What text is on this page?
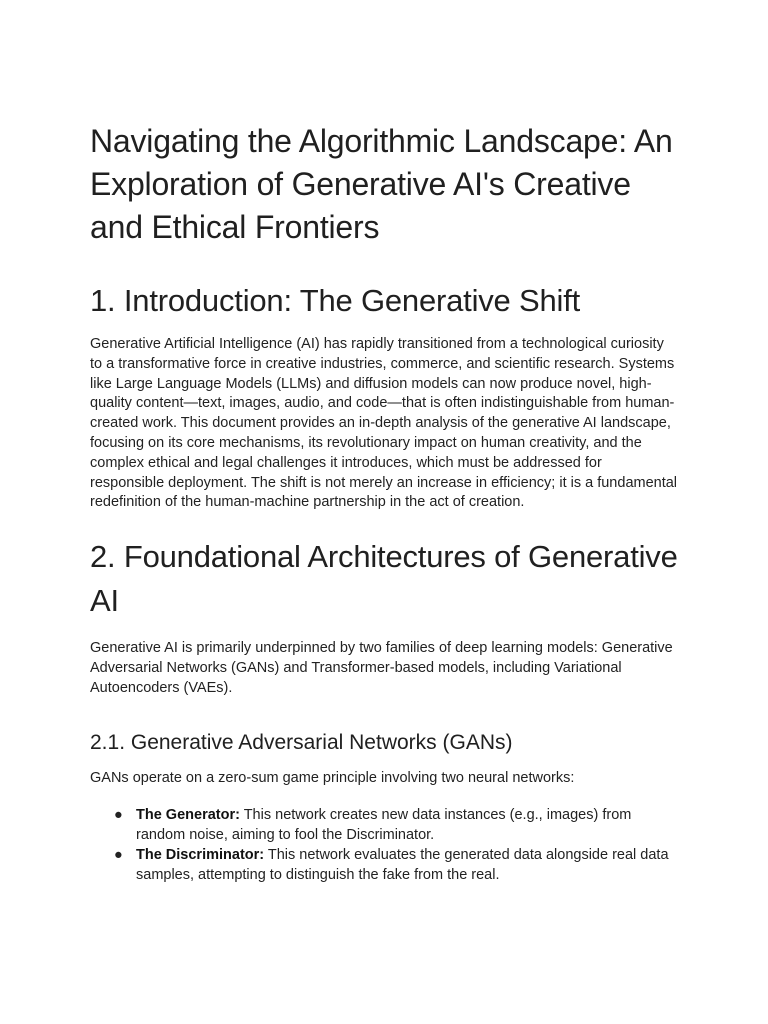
Navigating the Algorithmic Landscape: An Exploration of Generative AI's Creative and Ethical Frontiers
1. Introduction: The Generative Shift

Generative Artificial Intelligence (AI) has rapidly transitioned from a technological curiosity to a transformative force in creative industries, commerce, and scientific research. Systems like Large Language Models (LLMs) and diffusion models can now produce novel, high-quality content—text, images, audio, and code—that is often indistinguishable from human-created work. This document provides an in-depth analysis of the generative AI landscape, focusing on its core mechanisms, its revolutionary impact on human creativity, and the complex ethical and legal challenges it introduces, which must be addressed for responsible deployment. The shift is not merely an increase in efficiency; it is a fundamental redefinition of the human-machine partnership in the act of creation.

2. Foundational Architectures of Generative AI

Generative AI is primarily underpinned by two families of deep learning models: Generative Adversarial Networks (GANs) and Transformer-based models, including Variational Autoencoders (VAEs).

2.1. Generative Adversarial Networks (GANs)

GANs operate on a zero-sum game principle involving two neural networks:

● The Generator: This network creates new data instances (e.g., images) from random noise, aiming to fool the Discriminator.
● The Discriminator: This network evaluates the generated data alongside real data samples, attempting to distinguish the fake from the real.
